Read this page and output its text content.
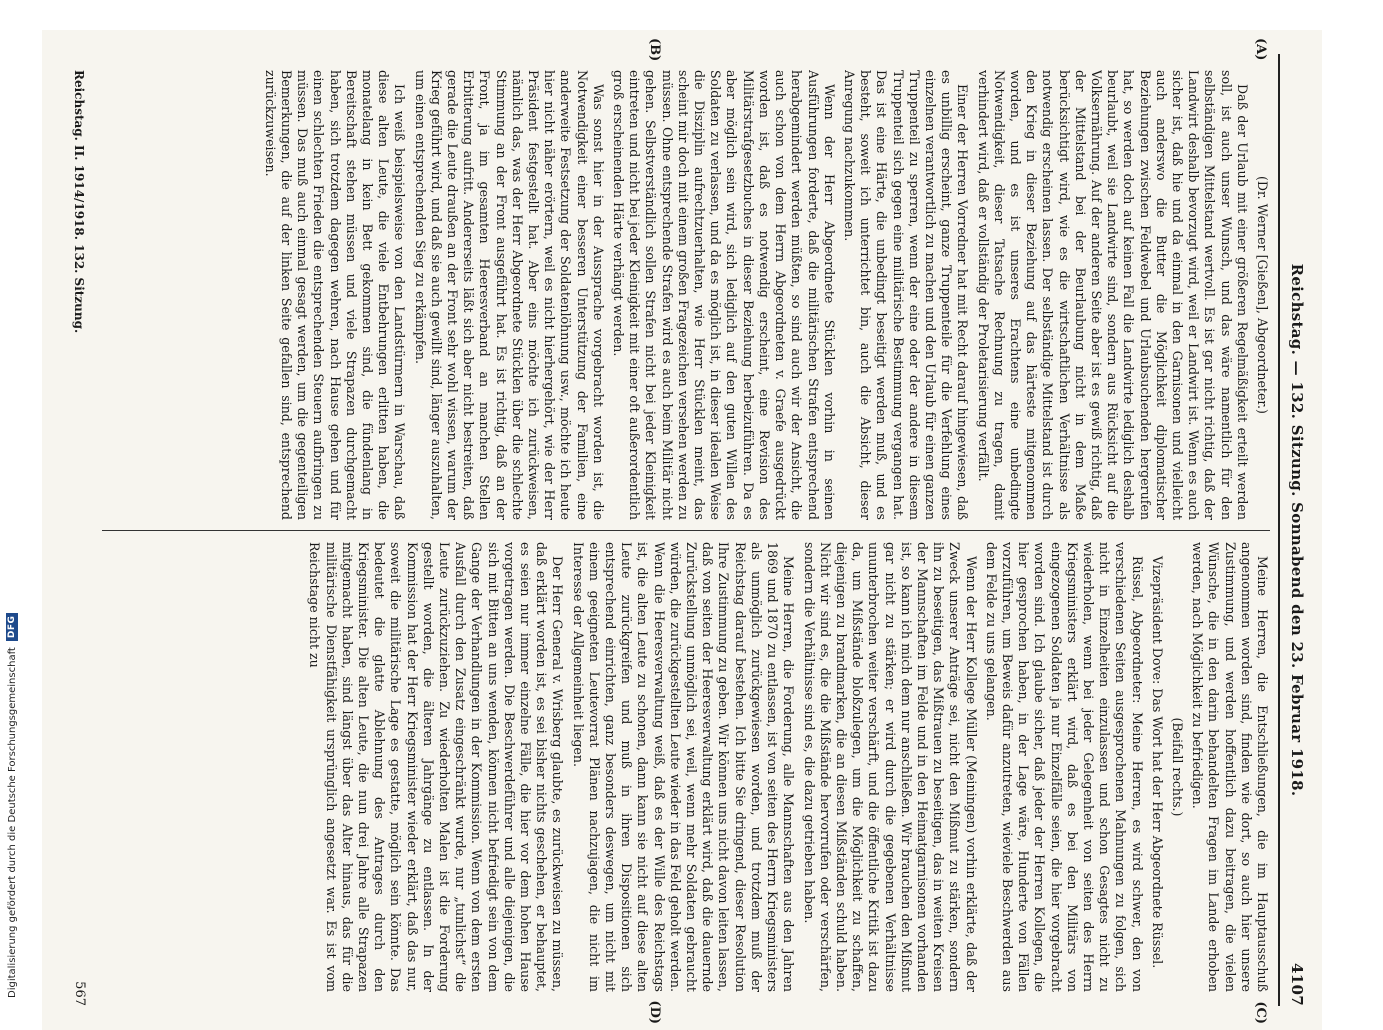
Reichstag. — 132. Sitzung. Sonnabend den 23. Februar 1918.
4107
(A)
(B)
(C)
(D)

(Dr. Werner [Gießen], Abgeordneter.)

Daß der Urlaub mit einer größeren Regelmäßigkeit erteilt werden soll, ist auch unser Wunsch, und das wäre namentlich für den selbständigen Mittelstand wertvoll. Es ist gar nicht richtig, daß der Landwirt deshalb bevorzugt wird, weil er Landwirt ist. Wenn es auch sicher ist, daß hie und da einmal in den Garnisonen und vielleicht auch anderswo die Butter die Möglichkeit diplomatischer Beziehungen zwischen Feldwebel und Urlaubsuchenden hergerufen hat, so werden doch auf keinen Fall die Landwirte lediglich deshalb beurlaubt, weil sie Landwirte sind, sondern aus Rücksicht auf die Volksernährung. Auf der anderen Seite aber ist es gewiß richtig, daß der Mittelstand bei der Beurlaubung nicht in dem Maße berücksichtigt wird, wie es die wirtschaftlichen Verhältnisse als notwendig erscheinen lassen. Der selbständige Mittelstand ist durch den Krieg in dieser Beziehung auf das härteste mitgenommen worden, und es ist unseres Erachtens eine unbedingte Notwendigkeit, dieser Tatsache Rechnung zu tragen, damit verhindert wird, daß er vollständig der Proletarisierung verfällt.

Einer der Herren Vorredner hat mit Recht darauf hingewiesen, daß es unbillig erscheint, ganze Truppenteile für die Verfehlung eines einzelnen verantwortlich zu machen und den Urlaub für einen ganzen Truppenteil zu sperren, wenn der eine oder der andere in diesem Truppenteil sich gegen eine militärische Bestimmung vergangen hat. Das ist eine Härte, die unbedingt beseitigt werden muß, und es besteht, soweit ich unterrichtet bin, auch die Absicht, dieser Anregung nachzukommen.

Wenn der Herr Abgeordnete Stücklen vorhin in seinen Ausführungen forderte, daß die militärischen Strafen entsprechend herabgemindert werden müßten, so sind auch wir der Ansicht, die auch schon von dem Herrn Abgeordneten v. Graefe ausgedrückt worden ist, daß es notwendig erscheint, eine Revision des Militärstrafgesetzbuches in dieser Beziehung herbeizuführen. Da es aber möglich sein wird, sich lediglich auf den guten Willen des Soldaten zu verlassen, und da es möglich ist, in dieser idealen Weise die Disziplin aufrechtzuerhalten, wie Herr Stücklen meint, das scheint mir doch mit einem großen Fragezeichen versehen werden zu müssen. Ohne entsprechende Strafen wird es auch beim Militär nicht gehen. Selbstverständlich sollen Strafen nicht bei jeder Kleinigkeit eintreten und nicht bei jeder Kleinigkeit mit einer oft außerordentlich groß erscheinenden Härte verhängt werden.

Was sonst hier in der Aussprache vorgebracht worden ist, die Notwendigkeit einer besseren Unterstützung der Familien, eine anderweite Festsetzung der Soldatenlöhnung usw., möchte ich heute hier nicht näher erörtern, weil es nicht hierhergehört, wie der Herr Präsident festgestellt hat. Aber eins möchte ich zurückweisen, nämlich das, was der Herr Abgeordnete Stücklen über die schlechte Stimmung an der Front ausgeführt hat. Es ist richtig, daß an der Front, ja im gesamten Heeresverband an manchen Stellen Erbitterung aufritt. Andererseits läßt sich aber nicht bestreiten, daß gerade die Leute draußen an der Front sehr wohl wissen, warum der Krieg geführt wird, und daß sie auch gewillt sind, länger auszuhalten, um einen entsprechenden Sieg zu erkämpfen.

Ich weiß beispielsweise von den Landstürmern in Warschau, daß diese alten Leute, die viele Entbehrungen erlitten haben, die monatelang in kein Bett gekommen sind, die fündenlang in Bereitschaft stehen müssen und viele Strapazen durchgemacht haben, sich trotzdem dagegen wehren, nach Hause gehen und für einen schlechten Frieden die entsprechenden Steuern aufbringen zu müssen. Das muß auch einmal gesagt werden, um die gegenteiligen Bemerkungen, die auf der linken Seite gefallen sind, entsprechend zurückzuweisen.

Meine Herren, die Entschließungen, die im Hauptausschuß angenommen worden sind, finden wie dort, so auch hier unsere Zustimmung, und werden hoffentlich dazu beitragen, die vielen Wünsche, die in den darin behandelten Fragen im Lande erhoben werden, nach Möglichkeit zu befriedigen.

(Beifall rechts.)

Vizepräsident Dove: Das Wort hat der Herr Abgeordnete Rüssel.

Rüssel, Abgeordneter: Meine Herren, es wird schwer, den von verschiedenen Seiten ausgesprochenen Mahnungen zu folgen, sich nicht in Einzelheiten einzulassen und schon Gesagtes nicht zu wiederholen, wenn bei jeder Gelegenheit von seiten des Herrn Kriegsministers erklärt wird, daß es bei den Militärs von eingezogenen Soldaten ja nur Einzelfälle seien, die hier vorgebracht worden sind. Ich glaube sicher, daß jeder der Herren Kollegen, die hier gesprochen haben, in der Lage wäre, Hunderte von Fällen vorzuführen, um Beweis dafür anzutreten, wieviele Beschwerden aus dem Felde zu uns gelangen.

Wenn der Herr Kollege Müller (Meiningen) vorhin erklärte, daß der Zweck unserer Anträge sei, nicht den Mißmut zu stärken, sondern ihn zu beseitigen, das Mißtrauen zu beseitigen, das in weiten Kreisen der Mannschaften im Felde und in den Heimatgarnisonen vorhanden ist, so kann ich mich dem nur anschließen. Wir brauchen den Mißmut gar nicht zu stärken; er wird durch die gegebenen Verhältnisse ununterbrochen weiter verschärft, und die öffentliche Kritik ist dazu da, um Mißstände bloßzulegen, um die Möglichkeit zu schaffen, diejenigen zu brandmarken, die an diesen Mißständen schuld haben. Nicht wir sind es, die die Mißstände hervorrufen oder verschärfen, sondern die Verhältnisse sind es, die dazu getrieben haben.

Meine Herren, die Forderung, alle Mannschaften aus den Jahren 1869 und 1870 zu entlassen, ist von seiten des Herrn Kriegsministers als unmöglich zurückgewiesen worden, und trotzdem muß der Reichstag darauf bestehen. Ich bitte Sie dringend, dieser Resolution Ihre Zustimmung zu geben. Wir können uns nicht davon leiten lassen, daß von seiten der Heeresverwaltung erklärt wird, daß die dauernde Zurückstellung unmöglich sei, weil, wenn mehr Soldaten gebraucht würden, die zurückgestellten Leute wieder in das Feld geholt werden. Wenn die Heeresverwaltung weiß, daß es der Wille des Reichstags ist, die alten Leute zu schonen, dann kann sie nicht auf diese alten Leute zurückgreifen und muß in ihren Dispositionen sich entsprechend einrichten, ganz besonders deswegen, um nicht mit einem geeigneten Leutevorrat Plänen nachzujagen, die nicht im Interesse der Allgemeinheit liegen.

Der Herr General v. Wrisberg glaubte, es zurückweisen zu müssen, daß erklärt worden ist, es sei bisher nichts geschehen, er behauptet, es seien nur immer einzelne Fälle, die hier vor dem hohen Hause vorgetragen werden. Die Beschwerdeführer und alle diejenigen, die sich mit Bitten an uns wenden, können nicht befriedigt sein von dem Gange der Verhandlungen in der Kommission. Wenn von dem ersten Ausfall durch den Zusatz eingeschränkt wurde, nur „tunlichst“ die Leute zurückzuziehen. Zu wiederholten Malen ist die Forderung gestellt worden, die älteren Jahrgänge zu entlassen. In der Kommission hat der Herr Kriegsminister wieder erklärt, daß das nur, soweit die militärische Lage es gestatte, möglich sein könnte. Das bedeutet die glatte Ablehnung des Antrages durch den Kriegsminister. Die alten Leute, die nun drei Jahre alle Strapazen mitgemacht haben, sind längst über das Alter hinaus, das für die militärische Dienstfähigkeit ursprünglich angesetzt war. Es ist vom Reichstage nicht zu

Reichstag. II. 1914/1918. 132. Sitzung.
567
Digitalisierung gefördert durch die Deutsche Forschungsgemeinschaft
DFG
